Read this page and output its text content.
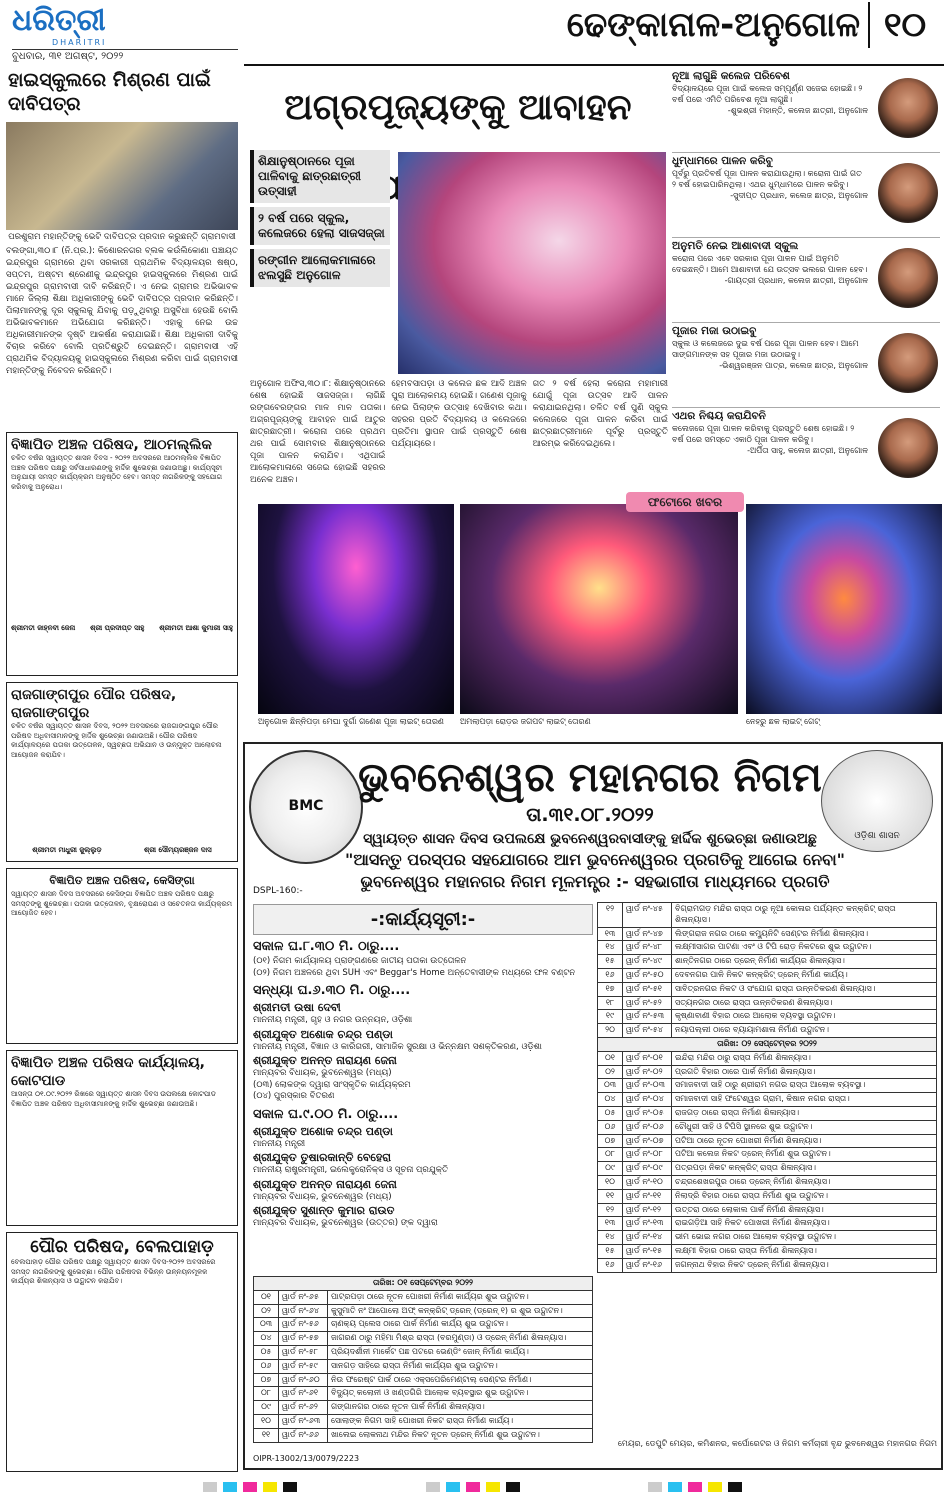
ଧରିତ୍ରୀ
DHARITRI
ବୁଧବାର, ୩୧ ଅଗଷ୍ଟ, ୨୦୨୨
ଢେଙ୍କାନାଳ-ଅନୁଗୋଳ ୧୦
ହାଇସ୍କୁଲରେ ମିଶ୍ରଣ ପାଇଁ ଦାବିପତ୍ର
ପରଶୁରାମ ମହାନ୍ତିଙ୍କୁ ଭେଟି ଦାବିପତ୍ର ପ୍ରଦାନ କରୁଛନ୍ତି ଗ୍ରାମବାସୀ
ବଲଙ୍ଗା,୩୦।୮ (ନି.ପ୍ର.): କିଶୋରନଗର ବ୍ଲକ କଉଁଲିକୋଣା ପଞ୍ଚାୟତ ଇନ୍ଦ୍ରପୁର ଗ୍ରାମରେ ଥିବା ସରକାରୀ ପ୍ରାଥମିକ ବିଦ୍ୟାଳୟର ଷଷ୍ଠ, ସପ୍ତମ, ଅଷ୍ଟମ ଶ୍ରେଣୀକୁ ଇନ୍ଦ୍ରପୁର ହାଇସ୍କୁଲରେ ମିଶ୍ରଣ ପାଇଁ ଇନ୍ଦ୍ରପୁର ଗ୍ରାମବାସୀ ଦାବି କରିଛନ୍ତି। ଏ ନେଇ ଗ୍ରାମର ଅଭିଭାବକ ମାନେ ଜିଲ୍ଲା ଶିକ୍ଷା ଅଧିକାରୀଙ୍କୁ ଭେଟି ଦାବିପତ୍ର ପ୍ରଦାନ କରିଛନ୍ତି। ପିଲାମାନଙ୍କୁ ଦୂର ସ୍କୁଲକୁ ଯିବାକୁ ପଡ଼ୁଥିବାରୁ ଅସୁବିଧା ହେଉଛି ବୋଲି ଅଭିଭାବକମାନେ ଅଭିଯୋଗ କରିଛନ୍ତି। ଏହାକୁ ନେଇ ଉଚ୍ଚ ଅଧିକାରୀମାନଙ୍କ ଦୃଷ୍ଟି ଆକର୍ଷଣ କରାଯାଇଛି। ଶିକ୍ଷା ଅଧିକାରୀ ଦାବିକୁ ବିଚାର କରିବେ ବୋଲି ପ୍ରତିଶ୍ରୁତି ଦେଇଛନ୍ତି। ଗ୍ରାମବାସୀ ଏହି ପ୍ରାଥମିକ ବିଦ୍ୟାଳୟକୁ ହାଇସ୍କୁଲରେ ମିଶ୍ରଣ କରିବା ପାଇଁ ଗ୍ରାମବାସୀ ମହାନ୍ତିଙ୍କୁ ନିବେଦନ କରିଛନ୍ତି।
ବିଜ୍ଞାପିତ ଅଞ୍ଚଳ ପରିଷଦ, ଆଠମଲ୍ଲିକ
ଚଳିତ ବର୍ଷର ସ୍ୱାୟତ୍ତ ଶାସନ ଦିବସ - ୨୦୨୨ ଅବସରରେ ଆଠମଲ୍ଲିକ ବିଜ୍ଞାପିତ ଅଞ୍ଚଳ ପରିଷଦ ପକ୍ଷରୁ ସର୍ବସାଧାରଣଙ୍କୁ ହାର୍ଦ୍ଦିକ ଶୁଭେଚ୍ଛା ଜଣାଉଅଛୁ। କାର୍ଯ୍ୟସୂଚୀ ଅନୁଯାୟୀ ସମସ୍ତ କାର୍ଯ୍ୟକ୍ରମ ଅନୁଷ୍ଠିତ ହେବ। ସମସ୍ତ ନାଗରିକଙ୍କୁ ସହଯୋଗ କରିବାକୁ ଅନୁରୋଧ।
ଶ୍ରୀମତୀ ଜାହ୍ନବୀ ଜେନା ଶ୍ରୀ ପ୍ରଦୀପ୍ତ ସାହୁ ଶ୍ରୀମତୀ ଆଶା କୁମାରୀ ସାହୁ
ରାଜଗାଙ୍ଗପୁର ପୌର ପରିଷଦ, ରାଜଗାଙ୍ଗପୁର
ଚଳିତ ବର୍ଷର ସ୍ୱାୟତ୍ତ ଶାସନ ଦିବସ, ୨୦୨୨ ଅବସରରେ ରାଜଗାଙ୍ଗପୁର ପୌର ପରିଷଦ ଅଧିବାସୀମାନଙ୍କୁ ହାର୍ଦ୍ଦିକ ଶୁଭେଚ୍ଛା ଜଣାଉଅଛି। ପୌର ପରିଷଦ କାର୍ଯ୍ୟାଳୟରେ ପତାକା ଉତ୍ତୋଳନ, ସ୍ୱଚ୍ଛତା ଅଭିଯାନ ଓ ଉନ୍ମୁକ୍ତ ଆଲୋଚନା ଆୟୋଜନ କରାଯିବ।
ଶ୍ରୀମତୀ ମାଧୁରୀ ଜୁଲ୍ଲୁଡ଼	ଶ୍ରୀ ସୌମ୍ୟରଞ୍ଜନ ଦାସ
ବିଜ୍ଞାପିତ ଅଞ୍ଚଳ ପରିଷଦ, କେସିଙ୍ଗା
ସ୍ୱାୟତ୍ତ ଶାସନ ଦିବସ ଅବସରରେ କେସିଙ୍ଗା ବିଜ୍ଞାପିତ ଅଞ୍ଚଳ ପରିଷଦ ପକ୍ଷରୁ ସମସ୍ତଙ୍କୁ ଶୁଭେଚ୍ଛା। ପତାକା ଉତ୍ତୋଳନ, ବୃକ୍ଷରୋପଣ ଓ ସଚେତନତା କାର୍ଯ୍ୟକ୍ରମ ଆୟୋଜିତ ହେବ।
ବିଜ୍ଞାପିତ ଅଞ୍ଚଳ ପରିଷଦ କାର୍ଯ୍ୟାଳୟ, କୋଟପାଡ
ଆସନ୍ତା ୦୧.୦୯.୨୦୨୨ ରିଖରେ ସ୍ୱାୟତ୍ତ ଶାସନ ଦିବସ ଉପଲକ୍ଷେ କୋଟପାଡ ବିଜ୍ଞାପିତ ଅଞ୍ଚଳ ପରିଷଦ ଅଧିବାସୀମାନଙ୍କୁ ହାର୍ଦ୍ଦିକ ଶୁଭେଚ୍ଛା ଜଣାଉଅଛି।
ପୌର ପରିଷଦ, ବେଲପାହାଡ଼
ବେଲପାହାଡ଼ ପୌର ପରିଷଦ ପକ୍ଷରୁ ସ୍ୱାୟତ୍ତ ଶାସନ ଦିବସ-୨୦୨୨ ଅବସରରେ ସମସ୍ତ ନାଗରିକଙ୍କୁ ଶୁଭେଚ୍ଛା। ପୌର ପରିଷଦର ବିଭିନ୍ନ ଉନ୍ନୟନମୂଳକ କାର୍ଯ୍ୟର ଶିଳାନ୍ୟାସ ଓ ଉଦ୍ଘାଟନ କରାଯିବ।
ଅଗ୍ରପୂଜ୍ୟଙ୍କୁ ଆବାହନ
ଶିକ୍ଷାନୁଷ୍ଠାନରେ ପୂଜା ପାଳିବାକୁ ଛାତ୍ରଛାତ୍ରୀ ଉତ୍ସାହୀ
୨ ବର୍ଷ ପରେ ସ୍କୁଲ, କଲେଜରେ ହେଲା ସାଜସଜ୍ଜା
ରଙ୍ଗୀନ ଆଲୋକମାଳାରେ ଝଲସୁଛି ଅନୁଗୋଳ
ଅନୁଗୋଳ ଅଫିସ,୩୦।୮: ଶିକ୍ଷାନୁଷ୍ଠାନରେ ଶେଷ ହୋଇଛି ସାଜସଜ୍ଜା। ଲାଗିଛି ରଙ୍ଗବେରଙ୍ଗର ମାଳ ମାଳ ପତାକା। ଅଗ୍ରପୂଜ୍ୟଙ୍କୁ ଆବାହନ ପାଇଁ ଆତୁର ଛାତ୍ରଛାତ୍ରୀ। କରୋନା ପରେ ପ୍ରଥମ ଥର ପାଇଁ ସୋମବାର ଶିକ୍ଷାନୁଷ୍ଠାନରେ ପୂଜା ପାଳନ କରାଯିବ। ଏଥିପାଇଁ ଆଲୋକମାଳାରେ ସଜେଇ ହୋଇଛି ସହରର ଅନେକ ଅଞ୍ଚଳ।
ହେମବସାପଡ଼ା ଓ କଲେଜ ଛକ ଆଦି ଅଞ୍ଚଳ ପୁରା ଆଲୋକମୟ ହୋଇଛି। ଗଣେଶ ପୂଜାକୁ ନେଇ ପିଲାଙ୍କ ଉତ୍ସାହ ଦେଖିବାର କଥା। ସହରର ପ୍ରତି ବିଦ୍ୟାଳୟ ଓ କଲେଜରେ ପ୍ରତିମା ସ୍ଥାପନ ପାଇଁ ପ୍ରସ୍ତୁତି ଶେଷ ପର୍ଯ୍ୟାୟରେ।
ଗତ ୨ ବର୍ଷ ହେଲା କରୋନା ମହାମାରୀ ଯୋଗୁଁ ପୂଜା ଉତ୍ସବ ଆଦି ପାଳନ କରାଯାଇନଥିଲା। ଚଳିତ ବର୍ଷ ପୁଣି ସ୍କୁଲ କଲେଜରେ ପୂଜା ପାଳନ କରିବା ପାଇଁ ଛାତ୍ରଛାତ୍ରୀମାନେ ପୂର୍ବରୁ ପ୍ରସ୍ତୁତି ଆରମ୍ଭ କରିଦେଇଥିଲେ।
ନୂଆ ଲାଗୁଛି କଲେଜ ପରିବେଶ
ବିଦ୍ୟାଳୟରେ ପୂଜା ପାଇଁ କଲେଜ ସମ୍ପୂର୍ଣ୍ଣ ସଜେଇ ହୋଇଛି। ୨ ବର୍ଷ ପରେ ଏମିତି ପରିବେଶ ନୂଆ ଲାଗୁଛି।
-ଶୁଭଶ୍ରୀ ମହାନ୍ତି, କଲେଜ ଛାତ୍ରୀ, ଅନୁଗୋଳ
ଧୁମ୍ଧାମରେ ପାଳନ କରିବୁ
ପୂର୍ବରୁ ପ୍ରତିବର୍ଷ ପୂଜା ପାଳନ କରାଯାଉଥିଲା। କରୋନା ପାଇଁ ଗତ ୨ ବର୍ଷ ହୋଇପାରିନଥିଲା। ଏଥର ଧୁମ୍ଧାମରେ ପାଳନ କରିବୁ।
-ସୁଦୀପ୍ତ ପ୍ରଧାନ, କଲେଜ ଛାତ୍ର, ଅନୁଗୋଳ
ଅନୁମତି ନେଇ ଆଶାବାଦୀ ସ୍କୁଲ
କରୋନା ପରେ ଏବେ ସରକାର ପୂଜା ପାଳନ ପାଇଁ ଅନୁମତି ଦେଇଛନ୍ତି। ଆମେ ଆଶାବାଦୀ ଯେ ଉତ୍ସବ ଭଲରେ ପାଳନ ହେବ।
-ଗାୟତ୍ରୀ ପ୍ରଧାନ, କଲେଜ ଛାତ୍ରୀ, ଅନୁଗୋଳ
ପୂଜାର ମଜା ଉଠାଇବୁ
ସ୍କୁଲ ଓ କଲେଜରେ ଦୁଇ ବର୍ଷ ପରେ ପୂଜା ପାଳନ ହେବ। ଆମେ ସାଙ୍ଗମାନଙ୍କ ସହ ପୂଜାର ମଜା ଉଠାଇବୁ।
-ଭିଶ୍ୱରଞ୍ଜନ ପାତ୍ର, କଲେଜ ଛାତ୍ର, ଅନୁଗୋଳ
ଏଥର ନିଶ୍ଚୟ କରାଯିବନି
କଲେଜରେ ପୂଜା ପାଳନ କରିବାକୁ ପ୍ରସ୍ତୁତି ଶେଷ ହୋଇଛି। ୨ ବର୍ଷ ପରେ ସମସ୍ତେ ଏକାଠି ପୂଜା ପାଳନ କରିବୁ।
-ଅର୍ପିତା ସାହୁ, କଲେଜ ଛାତ୍ରୀ, ଅନୁଗୋଳ
ଅନୁଗୋଳ ଛିନ୍ନିପଡ଼ା ମେଘା ଦୁର୍ଗା ଗଣେଶ ପୂଜା ଲାଇଟ୍ ତୋରଣ	ଅମଲାପଡ଼ା ରୋଡ଼ର ଜଗପଟ ଲାଇଟ୍ ତୋରଣ	ନେହରୁ ଛକ ଲାଇଟ୍ ଗେଟ୍
ଫଟୋରେ ଖବର
BMC
ଭୁବନେଶ୍ୱର ମହାନଗର ନିଗମ
ଓଡ଼ିଶା ଶାସନ
ତା.୩୧.୦୮.୨୦୨୨
ସ୍ୱାୟତ୍ତ ଶାସନ ଦିବସ ଉପଲକ୍ଷେ ଭୁବନେଶ୍ୱରବାସୀଙ୍କୁ ହାର୍ଦ୍ଦିକ ଶୁଭେଚ୍ଛା ଜଣାଉଅଛୁ
"ଆସନ୍ତୁ ପରସ୍ପର ସହଯୋଗରେ ଆମ ଭୁବନେଶ୍ୱରର ପ୍ରଗତିକୁ ଆଗେଇ ନେବା"
ଭୁବନେଶ୍ୱର ମହାନଗର ନିଗମ ମୂଳମନ୍ତ୍ର :- ସହଭାଗୀତା ମାଧ୍ୟମରେ ପ୍ରଗତି
DSPL-160:-
-:କାର୍ଯ୍ୟସୂଚୀ:-
ସକାଳ ଘ.୮.୩୦ ମି. ଠାରୁ....
(୦୧) ନିଗମ କାର୍ଯ୍ୟାଳୟ ପ୍ରାଙ୍ଗଣରେ ଜାତୀୟ ପତାକା ଉତ୍ତୋଳନ
(୦୨) ନିଗମ ଅଞ୍ଚଳରେ ଥିବା SUH ଏବଂ Beggar's Home ଅନ୍ତେବାସୀଙ୍କ ମଧ୍ୟରେ ଫଳ ବଣ୍ଟନ
ସନ୍ଧ୍ୟା ଘ.୬.୩୦ ମି. ଠାରୁ....
ଶ୍ରୀମତୀ ଉଷା ଦେବୀ
ମାନନୀୟ ମନ୍ତ୍ରୀ, ଗୃହ ଓ ନଗର ଉନ୍ନୟନ, ଓଡ଼ିଶା
ଶ୍ରୀଯୁକ୍ତ ଅଶୋକ ଚନ୍ଦ୍ର ପଣ୍ଡା
ମାନନୀୟ ମନ୍ତ୍ରୀ, ବିଜ୍ଞାନ ଓ କାରିଗରୀ, ସାମାଜିକ ସୁରକ୍ଷା ଓ ଭିନ୍ନକ୍ଷମ ସଶକ୍ତିକରଣ, ଓଡ଼ିଶା
ଶ୍ରୀଯୁକ୍ତ ଅନନ୍ତ ନାରାୟଣ ଜେନା
ମାନ୍ୟବର ବିଧାୟକ, ଭୁବନେଶ୍ୱର (ମଧ୍ୟ)
(୦୩) ଲୋକଙ୍କ ଦ୍ୱାରା ସାଂସ୍କୃତିକ କାର୍ଯ୍ୟକ୍ରମ
(୦୪) ପୁରସ୍କାର ବିତରଣ
ସକାଳ ଘ.୯.୦୦ ମି. ଠାରୁ....
ଶ୍ରୀଯୁକ୍ତ ଅଶୋକ ଚନ୍ଦ୍ର ପଣ୍ଡା
ମାନନୀୟ ମନ୍ତ୍ରୀ
ଶ୍ରୀଯୁକ୍ତ ତୁଷାରକାନ୍ତି ବେହେରା
ମାନନୀୟ ରାଷ୍ଟ୍ରମନ୍ତ୍ରୀ, ଇଲେକ୍ଟ୍ରୋନିକ୍ସ ଓ ସୂଚନା ପ୍ରଯୁକ୍ତି
ଶ୍ରୀଯୁକ୍ତ ଅନନ୍ତ ନାରାୟଣ ଜେନା
ମାନ୍ୟବର ବିଧାୟକ, ଭୁବନେଶ୍ୱର (ମଧ୍ୟ)
ଶ୍ରୀଯୁକ୍ତ ସୁଶାନ୍ତ କୁମାର ରାଉତ
ମାନ୍ୟବର ବିଧାୟକ, ଭୁବନେଶ୍ୱର (ଉତ୍ତର) ଙ୍କ ଦ୍ୱାରା
ତାରିଖ: ୦୧ ସେପ୍ଟେମ୍ବର ୨୦୨୨		
୦୧	ୱାର୍ଡ ନଂ-୬୫	ପାଟ୍ରପଡ଼ା ଠାରେ ନୂତନ ପୋଖରୀ ନିର୍ମାଣ କାର୍ଯ୍ୟର ଶୁଭ ଉଦ୍ଘାଟନ।
୦୨	ୱାର୍ଡ ନଂ-୬୪	କୁସୁମାତି ନଂ ଆପୋଲୋ ଅଫ୍ କନ୍‌କ୍ରିଟ୍ ଡ୍ରେନ୍ (ଡ୍ରେନ୍ ୧) ର ଶୁଭ ଉଦ୍ଘାଟନ।
୦୩	ୱାର୍ଡ ନଂ-୫୬	ଚାଣକ୍ୟ ପ୍ଲେସ ଠାରେ ପାର୍କ ନିର୍ମାଣ କାର୍ଯ୍ୟ ଶୁଭ ଉଦ୍ଘାଟନ।
୦୪	ୱାର୍ଡ ନଂ-୫୭	ଜାଗରଣ ଠାରୁ ମହିମା ମିଶ୍ର ରାସ୍ତା (ବରମୁଣ୍ଡା) ଓ ଡ୍ରେନ୍ ନିର୍ମାଣ ଶିଳାନ୍ୟାସ।
୦୫	ୱାର୍ଡ ନଂ-୫୮	ପ୍ରିୟଦର୍ଶୀନୀ ମାର୍କେଟ ପଛ ପଟରେ ଭେଣ୍ଡିଂ ଜୋନ୍ ନିର୍ମାଣ କାର୍ଯ୍ୟ।
୦୬	ୱାର୍ଡ ନଂ-୫୯	ସାନଗଡ଼ ସାହିରେ ରାସ୍ତା ନିର୍ମାଣ କାର୍ଯ୍ୟର ଶୁଭ ଉଦ୍ଘାଟନ।
୦୭	ୱାର୍ଡ ନଂ-୬୦	ନିଉ ଫରେଷ୍ଟ ପାର୍କ ଠାରେ ଏକ୍ସପେରିମେଣ୍ଟାଲ୍ ସେଣ୍ଟର ନିର୍ମାଣ।
୦୮	ୱାର୍ଡ ନଂ-୬୧	ବିଦ୍ୟୁତ୍ କଲୋନୀ ଓ ଖଣ୍ଡଗିରି ଆଲୋକ ବ୍ୟବସ୍ଥାର ଶୁଭ ଉଦ୍ଘାଟନ।
୦୯	ୱାର୍ଡ ନଂ-୬୨	ଗଙ୍ଗାନଗର ଠାରେ ନୂତନ ପାର୍କ ନିର୍ମାଣ ଶିଳାନ୍ୟାସ।
୧୦	ୱାର୍ଡ ନଂ-୬୩	ସୋଲାଙ୍କ ନିଗମ ସାହି ପୋଖରୀ ନିକଟ ରାସ୍ତା ନିର୍ମାଣ କାର୍ଯ୍ୟ।
୧୧	ୱାର୍ଡ ନଂ-୬୬	ଖାଲେଇ ଲୋକନାଥ ମନ୍ଦିର ନିକଟ ନୂତନ ଡ୍ରେନ୍ ନିର୍ମାଣ ଶୁଭ ଉଦ୍ଘାଟନ।
୧୨	ୱାର୍ଡ ନଂ-୪୫	ବିଗ୍ରାମଗଡ଼ ମନ୍ଦିର ରାସ୍ତା ଠାରୁ ନୂଆ କୋଳାର ପର୍ଯ୍ୟନ୍ତ କନ୍‌କ୍ରିଟ୍ ରାସ୍ତା ଶିଳାନ୍ୟାସ।
୧୩	ୱାର୍ଡ ନଂ-୪୭	ଲିଙ୍ଗରାଜ ନଗର ଠାରେ କମ୍ୟୁନିଟି ସେଣ୍ଟର ନିର୍ମାଣ ଶିଳାନ୍ୟାସ।
୧୪	ୱାର୍ଡ ନଂ-୪୮	ଲକ୍ଷ୍ମୀସାଗର ପାଟଣା ଏବଂ ଓ ଟିପି ରୋଡ଼ ନିକଟରେ ଶୁଭ ଉଦ୍ଘାଟନ।
୧୫	ୱାର୍ଡ ନଂ-୪୯	ଶାନ୍ତିନଗର ଠାରେ ଡ୍ରେନ୍ ନିର୍ମାଣ କାର୍ଯ୍ୟର ଶିଳାନ୍ୟାସ।
୧୬	ୱାର୍ଡ ନଂ-୫୦	ଦେବନଗର ପାଳି ନିକଟ କନ୍‌କ୍ରିଟ୍ ଡ୍ରେନ୍ ନିର୍ମାଣ କାର୍ଯ୍ୟ।
୧୭	ୱାର୍ଡ ନଂ-୫୧	ସାବିତ୍ରନଗର ନିକଟ ଓ ସଂଯୋଗ ରାସ୍ତା ଉନ୍ନତିକରଣ ଶିଳାନ୍ୟାସ।
୧୮	ୱାର୍ଡ ନଂ-୫୨	ସତ୍ୟନଗର ଠାରେ ରାସ୍ତା ଉନ୍ନତିକରଣ ଶିଳାନ୍ୟାସ।
୧୯	ୱାର୍ଡ ନଂ-୫୩	କୃଷ୍ଣାବାଣୀ ବିହାର ଠାରେ ଆଲୋକ ବ୍ୟବସ୍ଥା ଉଦ୍ଘାଟନ।
୨୦	ୱାର୍ଡ ନଂ-୫୪	ନୟାପଲ୍ଲୀ ଠାରେ ବ୍ୟାୟାମଶାଳା ନିର୍ମାଣ ଉଦ୍ଘାଟନ।
ତାରିଖ: ୦୨ ସେପ୍ଟେମ୍ବର ୨୦୨୨		
୦୧	ୱାର୍ଡ ନଂ-୦୧	ଇନ୍ଦିରା ମନ୍ଦିର ଠାରୁ ରାସ୍ତା ନିର୍ମାଣ ଶିଳାନ୍ୟାସ।
୦୨	ୱାର୍ଡ ନଂ-୦୨	ପ୍ରଗତି ବିହାର ଠାରେ ପାର୍କ ନିର୍ମାଣ ଶିଳାନ୍ୟାସ।
୦୩	ୱାର୍ଡ ନଂ-୦୩	ସମାଜବାଦୀ ସାହି ଠାରୁ ଶ୍ରୀରାମ ନଗର ରାସ୍ତା ଆଲୋକ ବ୍ୟବସ୍ଥା।
୦୪	ୱାର୍ଡ ନଂ-୦୪	ସମାଜବାଦୀ ସାହି ଫଟେଶ୍ୱର ଗ୍ରାମ, କିଷାନ ନଗର ରାସ୍ତା।
୦୫	ୱାର୍ଡ ନଂ-୦୫	ରାଜଗଡ଼ ଠାରେ ରାସ୍ତା ନିର୍ମାଣ ଶିଳାନ୍ୟାସ।
୦୬	ୱାର୍ଡ ନଂ-୦୬	ଚୌଧୁରୀ ସାହି ଓ ଟିପିସି ସ୍ଥାନରେ ଶୁଭ ଉଦ୍ଘାଟନ।
୦୭	ୱାର୍ଡ ନଂ-୦୭	ପଟିଆ ଠାରେ ନୂତନ ପୋଖରୀ ନିର୍ମାଣ ଶିଳାନ୍ୟାସ।
୦୮	ୱାର୍ଡ ନଂ-୦୮	ପଟିଆ କଲେଜ ନିକଟ ଡ୍ରେନ୍ ନିର୍ମାଣ ଶୁଭ ଉଦ୍ଘାଟନ।
୦୯	ୱାର୍ଡ ନଂ-୦୯	ପତ୍ରପଡ଼ା ନିକଟ କନ୍‌କ୍ରିଟ୍ ରାସ୍ତା ଶିଳାନ୍ୟାସ।
୧୦	ୱାର୍ଡ ନଂ-୧୦	ଚନ୍ଦ୍ରଶେଖରପୁର ଠାରେ ଡ୍ରେନ୍ ନିର୍ମାଣ ଶିଳାନ୍ୟାସ।
୧୧	ୱାର୍ଡ ନଂ-୧୧	ନିଲାଦ୍ରି ବିହାର ଠାରେ ରାସ୍ତା ନିର୍ମାଣ ଶୁଭ ଉଦ୍ଘାଟନ।
୧୨	ୱାର୍ଡ ନଂ-୧୨	ଉତ୍ତରା ଠାରେ ଲୋକାଲ ପାର୍କ ନିର୍ମାଣ ଶିଳାନ୍ୟାସ।
୧୩	ୱାର୍ଡ ନଂ-୧୩	ରାଇଗଡ଼ିଆ ସାହି ନିକଟ ପୋଖରୀ ନିର୍ମାଣ ଶିଳାନ୍ୟାସ।
୧୪	ୱାର୍ଡ ନଂ-୧୪	ଭୀମ ଭୋଇ ନଗର ଠାରେ ଆଲୋକ ବ୍ୟବସ୍ଥା ଉଦ୍ଘାଟନ।
୧୫	ୱାର୍ଡ ନଂ-୧୫	ଲକ୍ଷ୍ମୀ ବିହାର ଠାରେ ରାସ୍ତା ନିର୍ମାଣ ଶିଳାନ୍ୟାସ।
୧୬	ୱାର୍ଡ ନଂ-୧୬	ଜଗନ୍ନାଥ ବିହାର ନିକଟ ଡ୍ରେନ୍ ନିର୍ମାଣ ଶିଳାନ୍ୟାସ।
ମେୟର, ଡେପୁଟି ମେୟର, କମିଶନର, କର୍ପୋରେଟର ଓ ନିଗମ କର୍ମଚାରୀ ବୃନ୍ଦ ଭୁବନେଶ୍ୱର ମହାନଗର ନିଗମ
OIPR-13002/13/0079/2223
